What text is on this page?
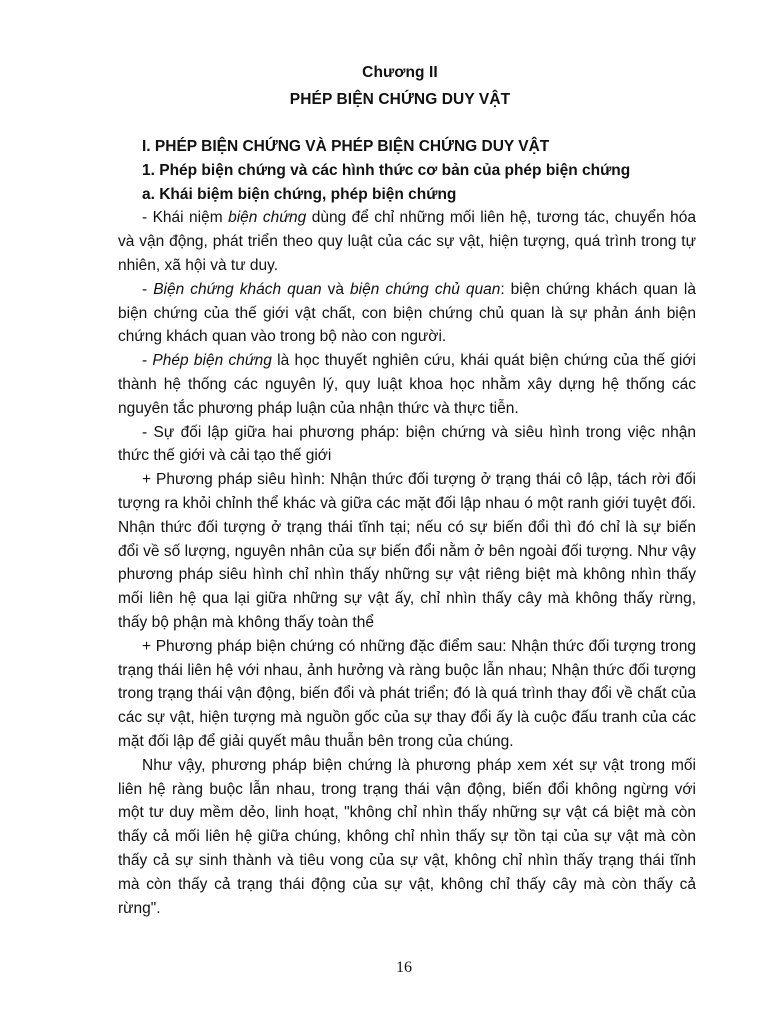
Chương II
PHÉP BIỆN CHỨNG DUY VẬT
I. PHÉP BIỆN CHỨNG VÀ PHÉP BIỆN CHỨNG DUY VẬT
1. Phép biện chứng và các hình thức cơ bản của phép biện chứng
a. Khái biệm biện chứng, phép biện chứng

- Khái niệm biện chứng dùng để chỉ những mối liên hệ, tương tác, chuyển hóa và vận động, phát triển theo quy luật của các sự vật, hiện tượng, quá trình trong tự nhiên, xã hội và tư duy.

- Biện chứng khách quan và biện chứng chủ quan: biện chứng khách quan là biện chứng của thế giới vật chất, con biện chứng chủ quan là sự phản ánh biện chứng khách quan vào trong bộ nào con người.

- Phép biện chứng là học thuyết nghiên cứu, khái quát biện chứng của thế giới thành hệ thống các nguyên lý, quy luật khoa học nhằm xây dựng hệ thống các nguyên tắc phương pháp luận của nhận thức và thực tiễn.

- Sự đối lập giữa hai phương pháp: biện chứng và siêu hình trong việc nhận thức thế giới và cải tạo thế giới

+ Phương pháp siêu hình: Nhận thức đối tượng ở trạng thái cô lập, tách rời đối tượng ra khỏi chỉnh thể khác và giữa các mặt đối lập nhau ó một ranh giới tuyệt đối. Nhận thức đối tượng ở trạng thái tĩnh tại; nếu có sự biến đổi thì đó chỉ là sự biến đổi về số lượng, nguyên nhân của sự biến đổi nằm ở bên ngoài đối tượng. Như vậy phương pháp siêu hình chỉ nhìn thấy những sự vật riêng biệt mà không nhìn thấy mối liên hệ qua lại giữa những sự vật ấy, chỉ nhìn thấy cây mà không thấy rừng, thấy bộ phận mà không thấy toàn thể

+ Phương pháp biện chứng có những đặc điểm sau: Nhận thức đối tượng trong trạng thái liên hệ với nhau, ảnh hưởng và ràng buộc lẫn nhau; Nhận thức đối tượng trong trạng thái vận động, biến đổi và phát triển; đó là quá trình thay đổi về chất của các sự vật, hiện tượng mà nguồn gốc của sự thay đổi ấy là cuộc đấu tranh của các mặt đối lập để giải quyết mâu thuẫn bên trong của chúng.

Như vậy, phương pháp biện chứng là phương pháp xem xét sự vật trong mối liên hệ ràng buộc lẫn nhau, trong trạng thái vận động, biến đổi không ngừng với một tư duy mềm dẻo, linh hoạt, "không chỉ nhìn thấy những sự vật cá biệt mà còn thấy cả mối liên hệ giữa chúng, không chỉ nhìn thấy sự tồn tại của sự vật mà còn thấy cả sự sinh thành và tiêu vong của sự vật, không chỉ nhìn thấy trạng thái tĩnh mà còn thấy cả trạng thái động của sự vật, không chỉ thấy cây mà còn thấy cả rừng".

16
